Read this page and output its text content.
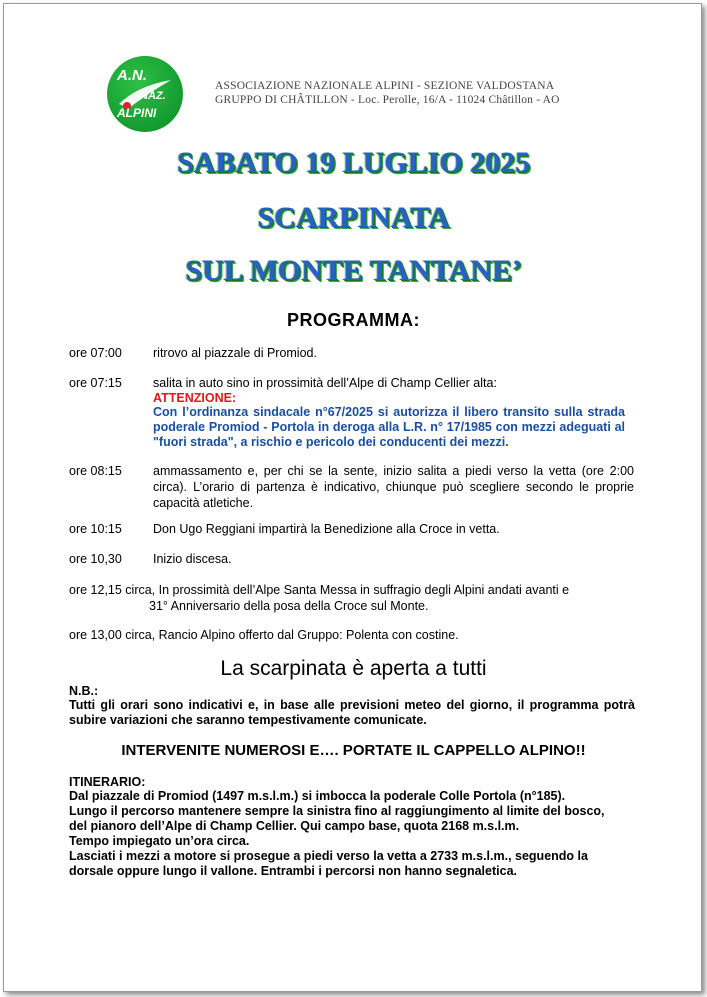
A.N.
NAZ.
ALPINI
ASSOCIAZIONE NAZIONALE ALPINI - SEZIONE VALDOSTANA
GRUPPO DI CHÂTILLON - Loc. Perolle, 16/A - 11024 Châtillon - AO
SABATO 19 LUGLIO 2025
SCARPINATA
SUL MONTE TANTANE’
PROGRAMMA:
ore 07:00 ritrovo al piazzale di Promiod.
ore 07:15 salita in auto sino in prossimità dell’Alpe di Champ Cellier alta:
ATTENZIONE:
Con l’ordinanza sindacale n°67/2025 si autorizza il libero transito sulla strada poderale Promiod - Portola in deroga alla L.R. n° 17/1985 con mezzi adeguati al "fuori strada", a rischio e pericolo dei conducenti dei mezzi.
ore 08:15 ammassamento e, per chi se la sente, inizio salita a piedi verso la vetta (ore 2:00 circa). L’orario di partenza è indicativo, chiunque può scegliere secondo le proprie capacità atletiche.
ore 10:15 Don Ugo Reggiani impartirà la Benedizione alla Croce in vetta.
ore 10,30 Inizio discesa.
ore 12,15 circa, In prossimità dell’Alpe Santa Messa in suffragio degli Alpini andati avanti e
31° Anniversario della posa della Croce sul Monte.
ore 13,00 circa, Rancio Alpino offerto dal Gruppo: Polenta con costine.
La scarpinata è aperta a tutti
N.B.:
Tutti gli orari sono indicativi e, in base alle previsioni meteo del giorno, il programma potrà subire variazioni che saranno tempestivamente comunicate.
INTERVENITE NUMEROSI E…. PORTATE IL CAPPELLO ALPINO!!
ITINERARIO:
Dal piazzale di Promiod (1497 m.s.l.m.) si imbocca la poderale Colle Portola (n°185).
Lungo il percorso mantenere sempre la sinistra fino al raggiungimento al limite del bosco,
del pianoro dell’Alpe di Champ Cellier. Qui campo base, quota 2168 m.s.l.m.
Tempo impiegato un’ora circa.
Lasciati i mezzi a motore si prosegue a piedi verso la vetta a 2733 m.s.l.m., seguendo la
dorsale oppure lungo il vallone. Entrambi i percorsi non hanno segnaletica.
